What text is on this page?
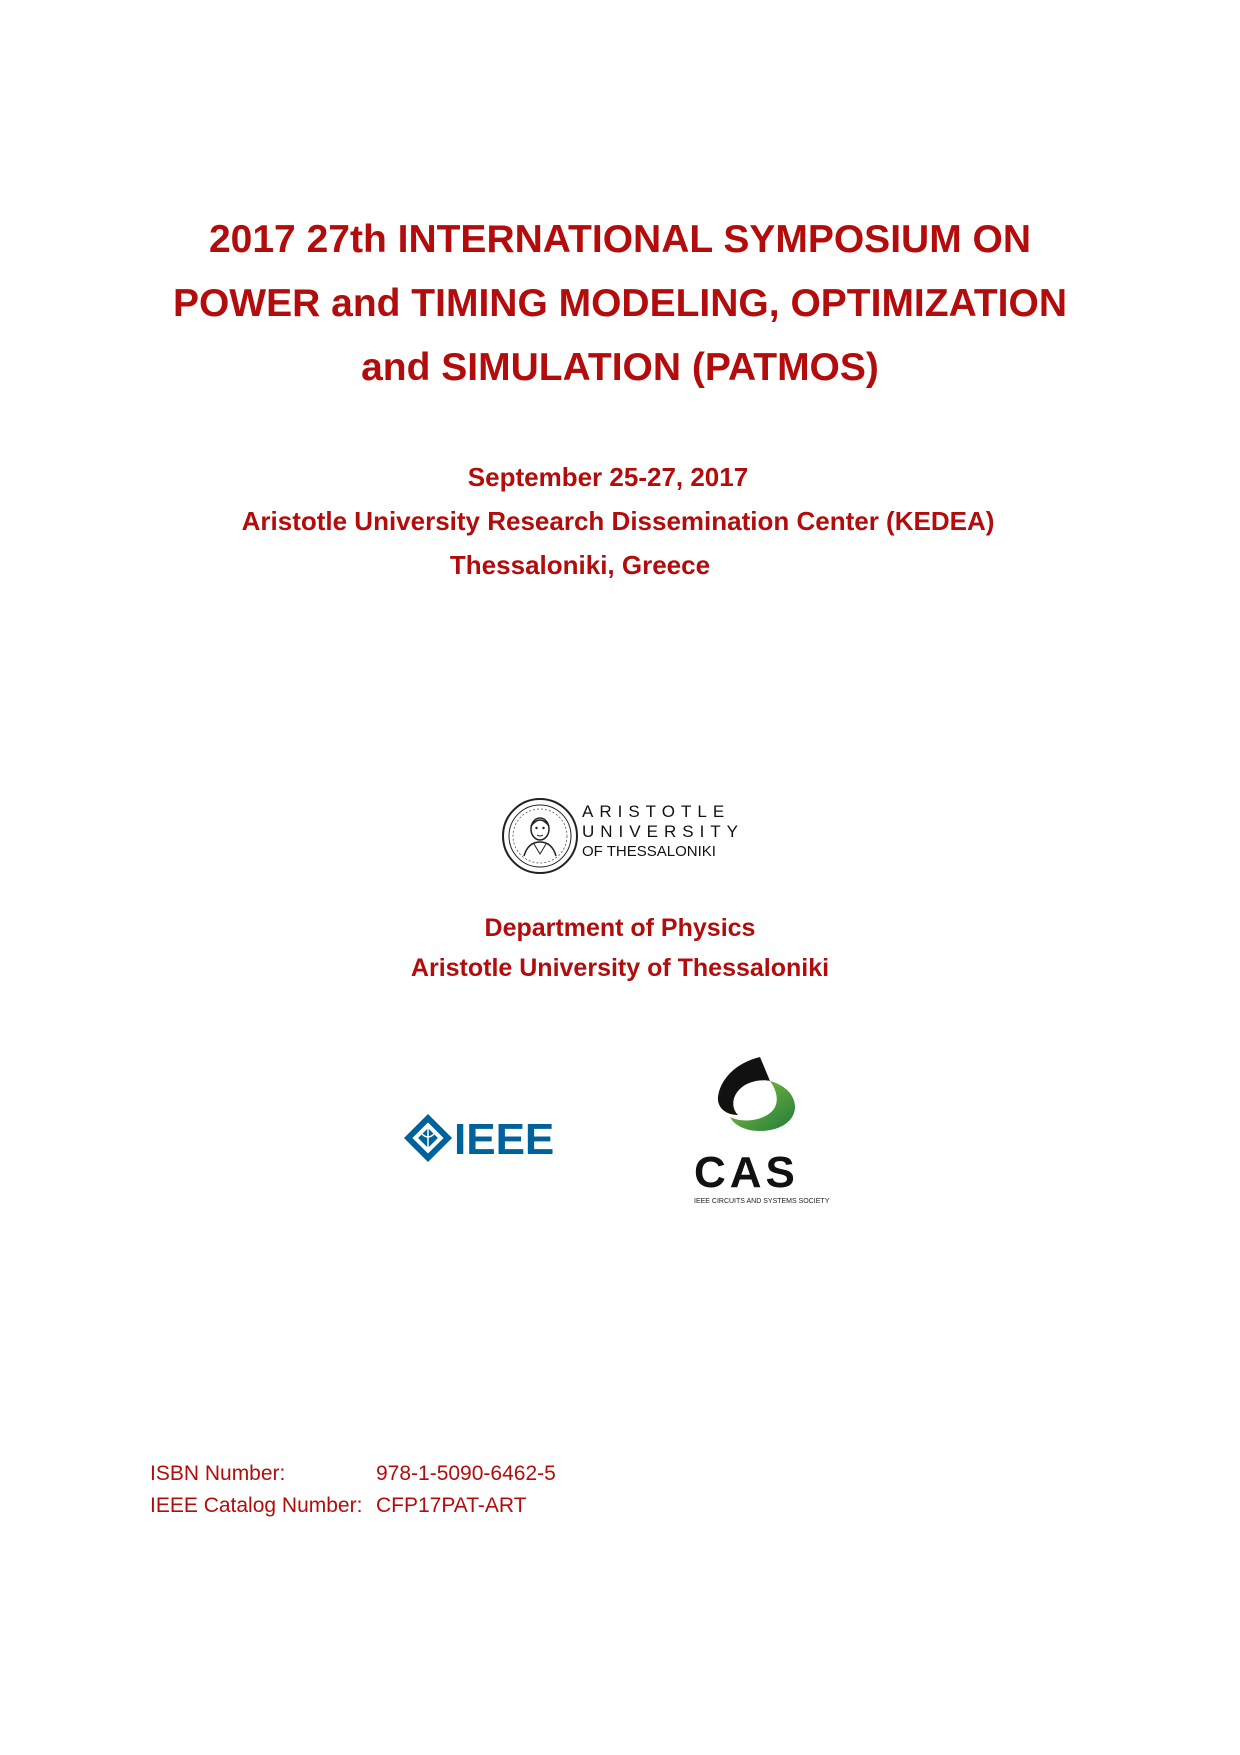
2017 27th INTERNATIONAL SYMPOSIUM ON
POWER and TIMING MODELING, OPTIMIZATION
and SIMULATION (PATMOS)
September 25-27, 2017
Aristotle University Research Dissemination Center (KEDEA)
Thessaloniki, Greece
ARISTOTLE
UNIVERSITY
OF THESSALONIKI
Department of Physics
Aristotle University of Thessaloniki
IEEE
CAS
IEEE CIRCUITS AND SYSTEMS SOCIETY
ISBN Number:	978-1-5090-6462-5
IEEE Catalog Number: CFP17PAT-ART
